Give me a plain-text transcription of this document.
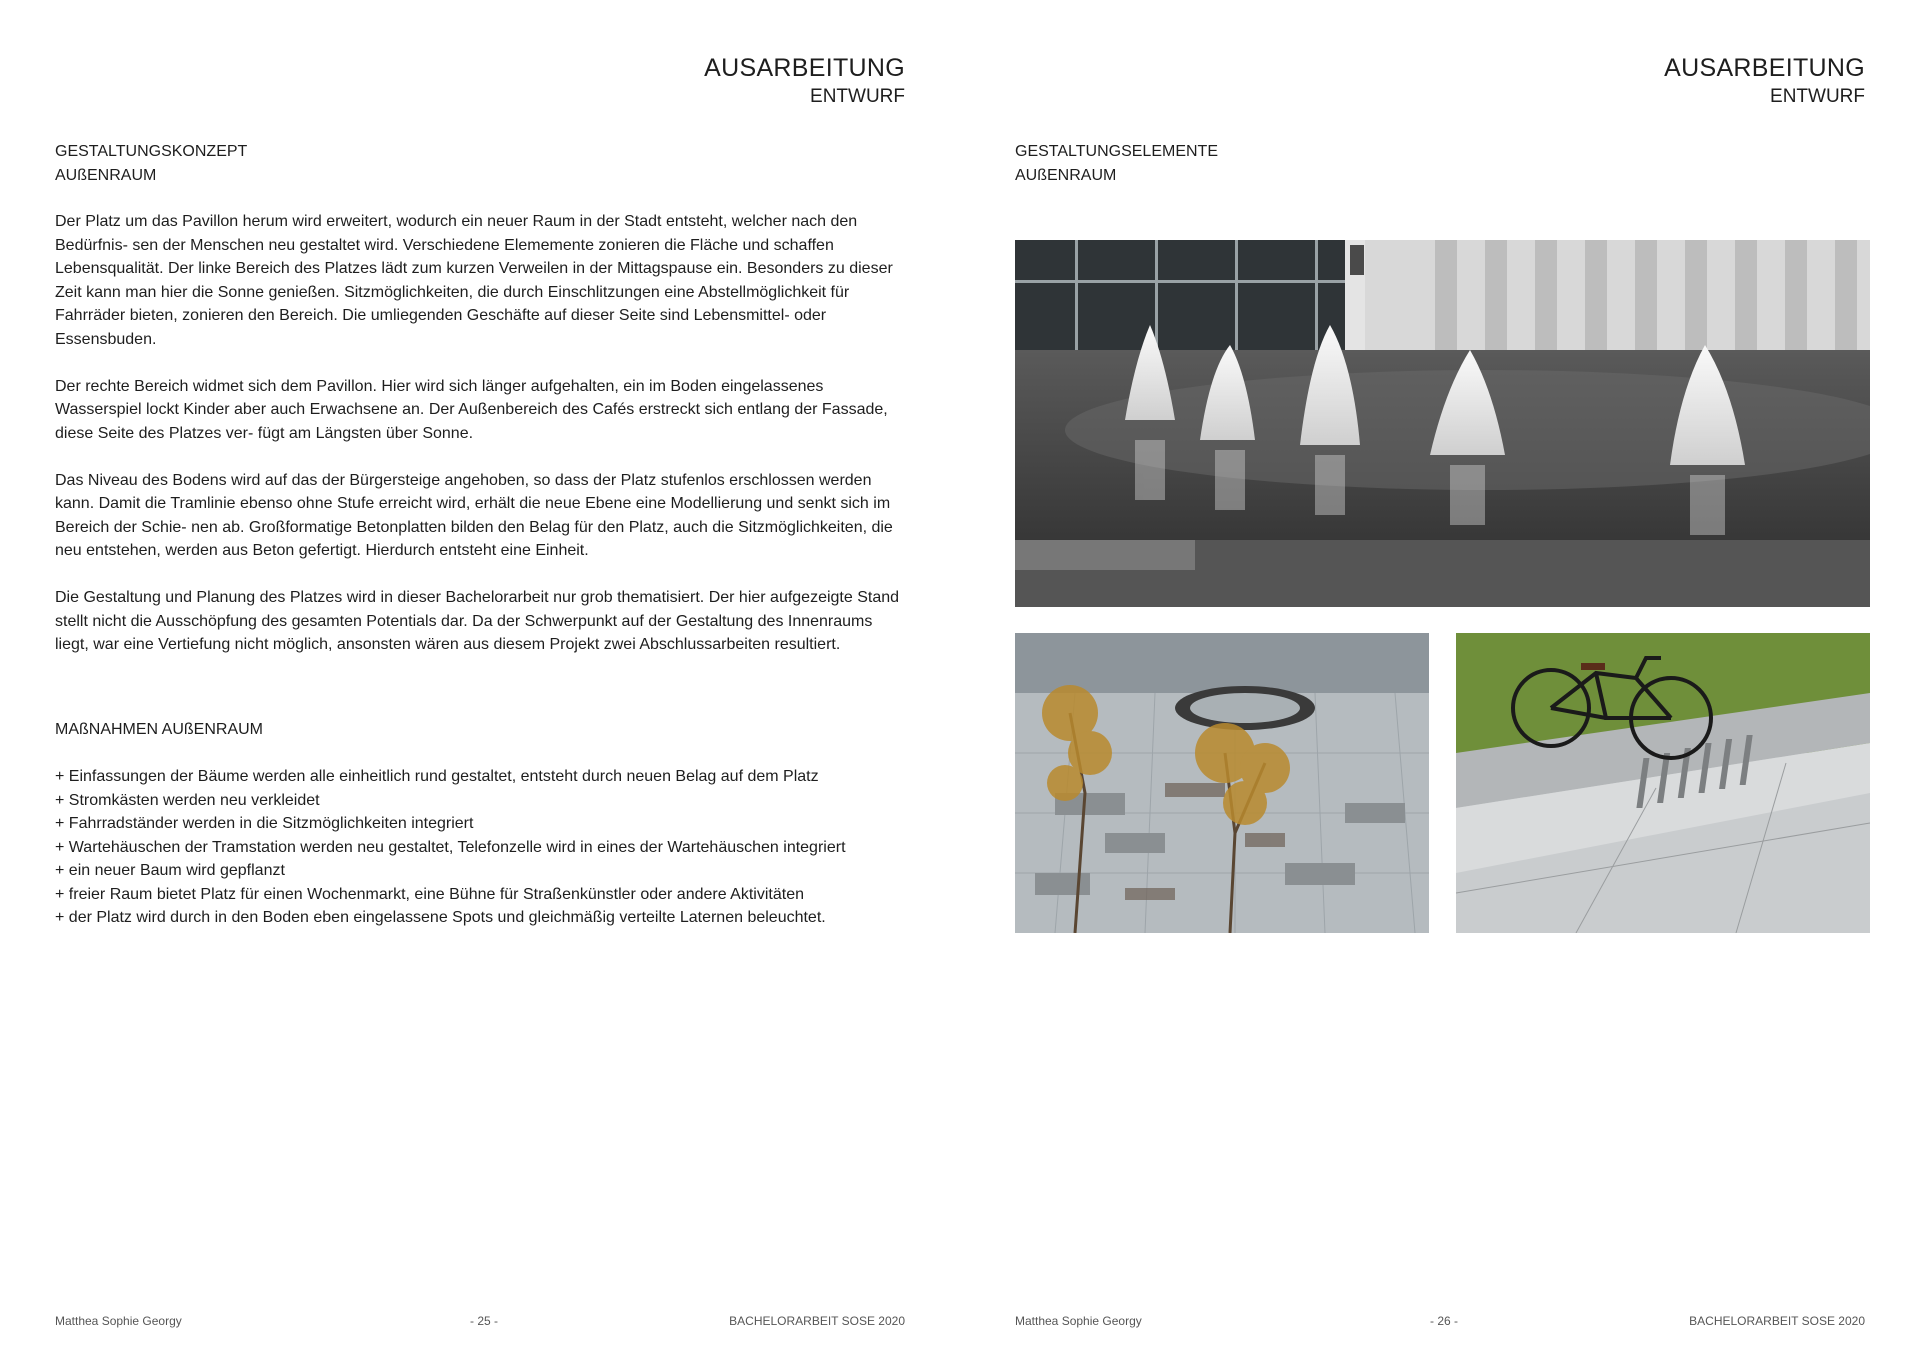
AUSARBEITUNG
ENTWURF
GESTALTUNGSKONZEPT
AUßENRAUM

Der Platz um das Pavillon herum wird erweitert, wodurch ein neuer Raum in der Stadt entsteht, welcher nach den Bedürfnis- sen der Menschen neu gestaltet wird. Verschiedene Elememente zonieren die Fläche und schaffen Lebensqualität. Der linke Bereich des Platzes lädt zum kurzen Verweilen in der Mittagspause ein. Besonders zu dieser Zeit kann man hier die Sonne genießen. Sitzmöglichkeiten, die durch Einschlitzungen eine Abstellmöglichkeit für Fahrräder bieten, zonieren den Bereich. Die umliegenden Geschäfte auf dieser Seite sind Lebensmittel- oder Essensbuden.

Der rechte Bereich widmet sich dem Pavillon. Hier wird sich länger aufgehalten, ein im Boden eingelassenes Wasserspiel lockt Kinder aber auch Erwachsene an. Der Außenbereich des Cafés erstreckt sich entlang der Fassade, diese Seite des Platzes ver- fügt am Längsten über Sonne.

Das Niveau des Bodens wird auf das der Bürgersteige angehoben, so dass der Platz stufenlos erschlossen werden kann. Damit die Tramlinie ebenso ohne Stufe erreicht wird, erhält die neue Ebene eine Modellierung und senkt sich im Bereich der Schie- nen ab. Großformatige Betonplatten bilden den Belag für den Platz, auch die Sitzmöglichkeiten, die neu entstehen, werden aus Beton gefertigt. Hierdurch entsteht eine Einheit.

Die Gestaltung und Planung des Platzes wird in dieser Bachelorarbeit nur grob thematisiert. Der hier aufgezeigte Stand stellt nicht die Ausschöpfung des gesamten Potentials dar. Da der Schwerpunkt auf der Gestaltung des Innenraums liegt, war eine Vertiefung nicht möglich, ansonsten wären aus diesem Projekt zwei Abschlussarbeiten resultiert.

MAßNAHMEN AUßENRAUM
+ Einfassungen der Bäume werden alle einheitlich rund gestaltet, entsteht durch neuen Belag auf dem Platz
+ Stromkästen werden neu verkleidet
+ Fahrradständer werden in die Sitzmöglichkeiten integriert
+ Wartehäuschen der Tramstation werden neu gestaltet, Telefonzelle wird in eines der Wartehäuschen integriert
+ ein neuer Baum wird gepflanzt
+ freier Raum bietet Platz für einen Wochenmarkt, eine Bühne für Straßenkünstler oder andere Aktivitäten
+ der Platz wird durch in den Boden eben eingelassene Spots und gleichmäßig verteilte Laternen beleuchtet.
Matthea Sophie Georgy	- 25 -	BACHELORARBEIT SOSE 2020
AUSARBEITUNG
ENTWURF
GESTALTUNGSELEMENTE
AUßENRAUM
Matthea Sophie Georgy	- 26 -	BACHELORARBEIT SOSE 2020
